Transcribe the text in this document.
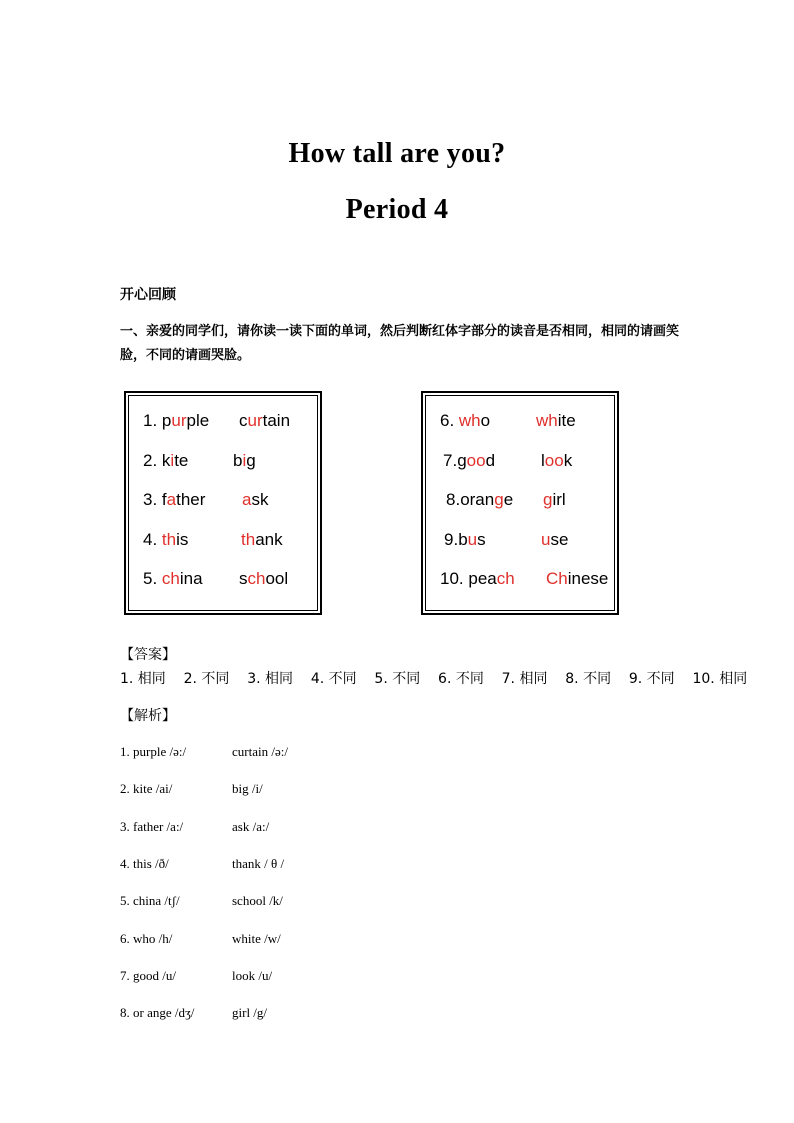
How tall are you?
Period 4
开心回顾
一、亲爱的同学们，请你读一读下面的单词，然后判断红体字部分的读音是否相同，相同的请画笑脸，不同的请画哭脸。
1. purple curtain
2. kite	big
3. father ask
4. this	thank
5. china school
6. who	white
7.good	look
8.orange girl
9.bus	use
10. peach Chinese
【答案】1. 相同    2. 不同    3. 相同    4. 不同    5. 不同    6. 不同    7. 相同    8. 不同    9. 不同    10. 相同
【解析】
1. purple /ə:/	curtain /ə:/
2. kite /ai/	big /i/
3. father /a:/	ask /a:/
4. this /ð/	thank / θ /
5. china /tʃ/	school /k/
6. who /h/	white /w/
7. good /u/	look /u/
8. or ange /dʒ/	girl /g/
